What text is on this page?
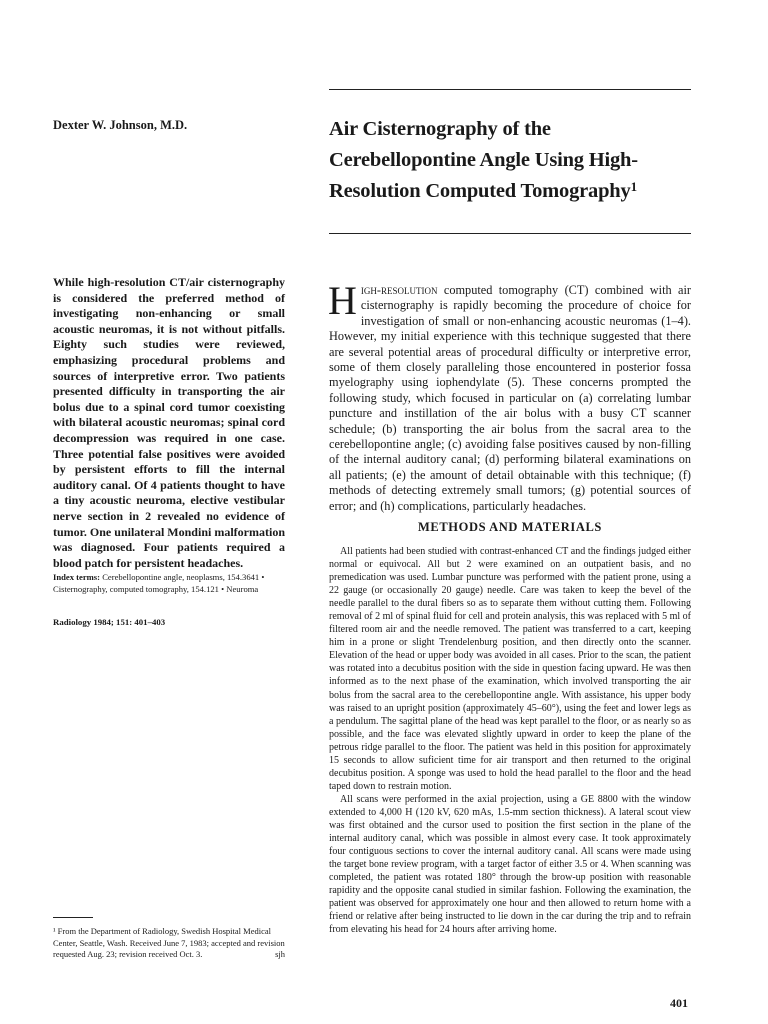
Dexter W. Johnson, M.D.

While high-resolution CT/air cisternography is considered the preferred method of investigating non-enhancing or small acoustic neuromas, it is not without pitfalls. Eighty such studies were reviewed, emphasizing procedural problems and sources of interpretive error. Two patients presented difficulty in transporting the air bolus due to a spinal cord tumor coexisting with bilateral acoustic neuromas; spinal cord decompression was required in one case. Three potential false positives were avoided by persistent efforts to fill the internal auditory canal. Of 4 patients thought to have a tiny acoustic neuroma, elective vestibular nerve section in 2 revealed no evidence of tumor. One unilateral Mondini malformation was diagnosed. Four patients required a blood patch for persistent headaches.

Index terms: Cerebellopontine angle, neoplasms, 154.3641 • Cisternography, computed tomography, 154.121 • Neuroma

Radiology 1984; 151: 401–403

¹ From the Department of Radiology, Swedish Hospital Medical Center, Seattle, Wash. Received June 7, 1983; accepted and revision requested Aug. 23; revision received Oct. 3.	sjh

Air Cisternography of the
Cerebellopontine Angle Using High-
Resolution Computed Tomography$^1$

High-resolution computed tomography (CT) combined with air cisternography is rapidly becoming the procedure of choice for investigation of small or non-enhancing acoustic neuromas (1–4). However, my initial experience with this technique suggested that there are several potential areas of procedural difficulty or interpretive error, some of them closely paralleling those encountered in posterior fossa myelography using iophendylate (5). These concerns prompted the following study, which focused in particular on (a) correlating lumbar puncture and instillation of the air bolus with a busy CT scanner schedule; (b) transporting the air bolus from the sacral area to the cerebellopontine angle; (c) avoiding false positives caused by non-filling of the internal auditory canal; (d) performing bilateral examinations on all patients; (e) the amount of detail obtainable with this technique; (f) methods of detecting extremely small tumors; (g) potential sources of error; and (h) complications, particularly headaches.

METHODS AND MATERIALS

All patients had been studied with contrast-enhanced CT and the findings judged either normal or equivocal. All but 2 were examined on an outpatient basis, and no premedication was used. Lumbar puncture was performed with the patient prone, using a 22 gauge (or occasionally 20 gauge) needle. Care was taken to keep the bevel of the needle parallel to the dural fibers so as to separate them without cutting them. Following removal of 2 ml of spinal fluid for cell and protein analysis, this was replaced with 5 ml of filtered room air and the needle removed. The patient was transferred to a cart, keeping him in a prone or slight Trendelenburg position, and then directly onto the scanner. Elevation of the head or upper body was avoided in all cases. Prior to the scan, the patient was rotated into a decubitus position with the side in question facing upward. He was then informed as to the next phase of the examination, which involved transporting the air bolus from the sacral area to the cerebellopontine angle. With assistance, his upper body was raised to an upright position (approximately 45–60°), using the feet and lower legs as a pendulum. The sagittal plane of the head was kept parallel to the floor, or as nearly so as possible, and the face was elevated slightly upward in order to keep the plane of the petrous ridge parallel to the floor. The patient was held in this position for approximately 15 seconds to allow suficient time for air transport and then returned to the original decubitus position. A sponge was used to hold the head parallel to the floor and the head taped down to restrain motion.

All scans were performed in the axial projection, using a GE 8800 with the window extended to 4,000 H (120 kV, 620 mAs, 1.5-mm section thickness). A lateral scout view was first obtained and the cursor used to position the first section in the plane of the internal auditory canal, which was possible in almost every case. It took approximately four contiguous sections to cover the internal auditory canal. All scans were made using the target bone review program, with a target factor of either 3.5 or 4. When scanning was completed, the patient was rotated 180° through the brow-up position with reasonable rapidity and the opposite canal studied in similar fashion. Following the examination, the patient was observed for approximately one hour and then allowed to return home with a friend or relative after being instructed to lie down in the car during the trip and to refrain from elevating his head for 24 hours after arriving home.

401
